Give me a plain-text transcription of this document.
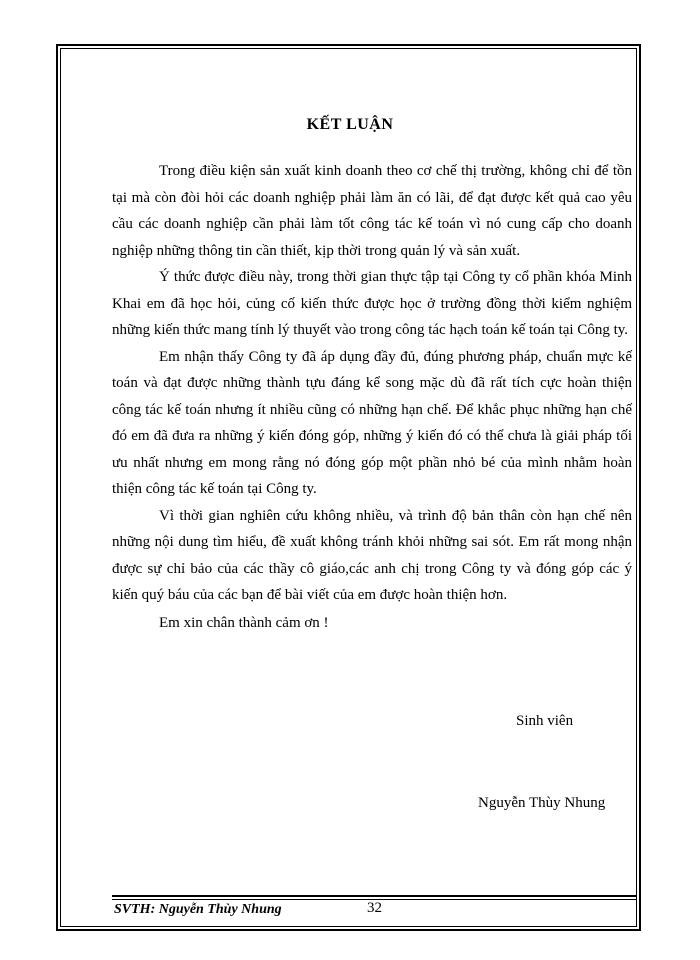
KẾT LUẬN

Trong điều kiện sản xuất kinh doanh theo cơ chế thị trường, không chỉ để tồn tại mà còn đòi hỏi các doanh nghiệp phải làm ăn có lãi, để đạt được kết quả cao yêu cầu các doanh nghiệp cần phải làm tốt công tác kế toán vì nó cung cấp cho doanh nghiệp những thông tin cần thiết, kịp thời trong quản lý và sản xuất.

Ý thức được điều này, trong thời gian thực tập tại Công ty cổ phần khóa Minh Khai em đã học hỏi, củng cố kiến thức được học ở trường đồng thời kiểm nghiệm những kiến thức mang tính lý thuyết vào trong công tác hạch toán kế toán tại Công ty.

Em nhận thấy Công ty đã áp dụng đầy đủ, đúng phương pháp, chuẩn mực kế toán và đạt được những thành tựu đáng kể song mặc dù đã rất tích cực hoàn thiện công tác kế toán nhưng ít nhiều cũng có những hạn chế. Để khắc phục những hạn chế đó em đã đưa ra những ý kiến đóng góp, những ý kiến đó có thể chưa là giải pháp tối ưu nhất nhưng em mong rằng nó đóng góp một phần nhỏ bé của mình nhằm hoàn thiện công tác kế toán tại Công ty.

Vì thời gian nghiên cứu không nhiều, và trình độ bản thân còn hạn chế nên những nội dung tìm hiểu, đề xuất không tránh khỏi những sai sót. Em rất mong nhận được sự chỉ bảo của các thầy cô giáo,các anh chị trong Công ty và đóng góp các ý kiến quý báu của các bạn để bài viết của em được hoàn thiện hơn.

Em xin chân thành cảm ơn !

Sinh viên
Nguyễn Thùy Nhung
SVTH: Nguyễn Thùy Nhung	32
